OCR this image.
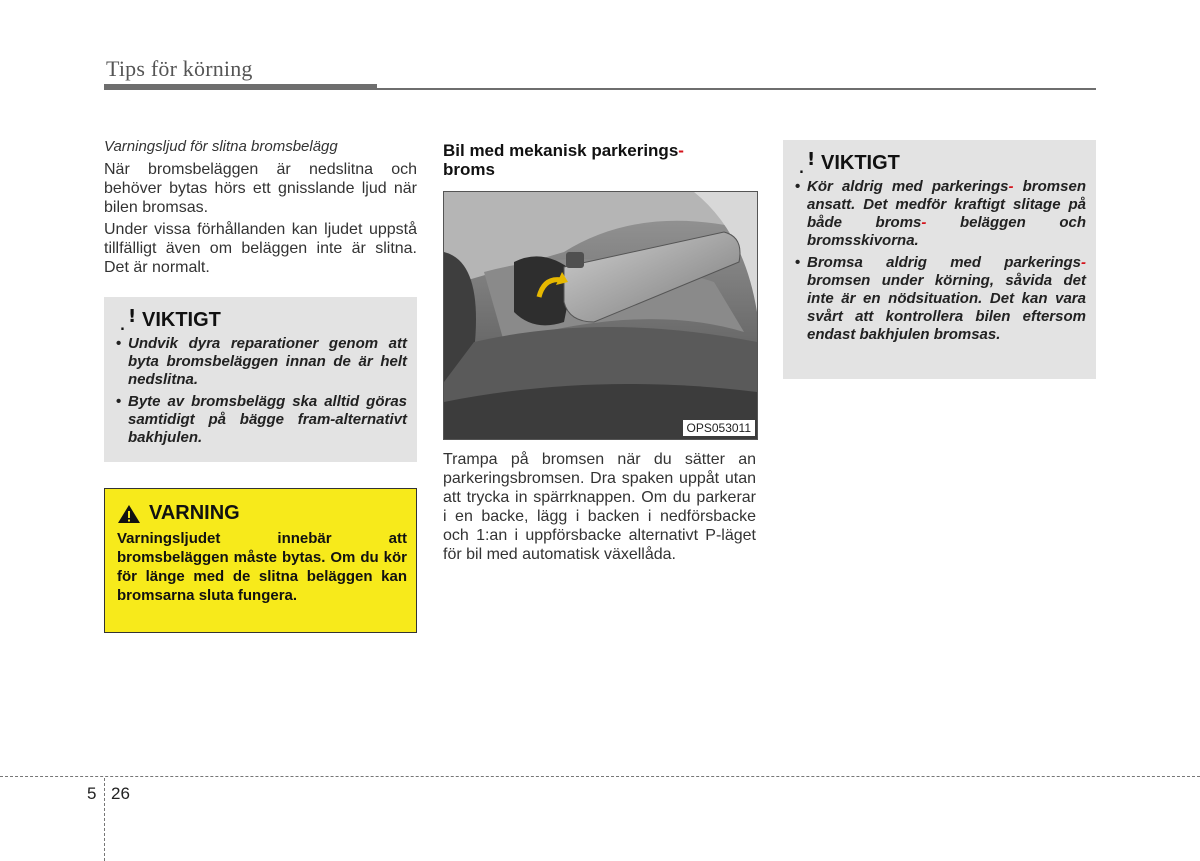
Tips för körning
Varningsljud för slitna bromsbelägg
När bromsbeläggen är nedslitna och behöver bytas hörs ett gnisslande ljud när bilen bromsas.
Under vissa förhållanden kan ljudet uppstå tillfälligt även om beläggen inte är slitna. Det är normalt.
. ! VIKTIGT
• Undvik dyra reparationer genom att byta bromsbeläggen innan de är helt nedslitna.
• Byte av bromsbelägg ska alltid göras samtidigt på bägge fram-alternativt bakhjulen.
VARNING
Varningsljudet innebär att bromsbeläggen måste bytas. Om du kör för länge med de slitna beläggen kan bromsarna sluta fungera.
Bil med mekanisk parkerings-
broms
OPS053011
Trampa på bromsen när du sätter an parkeringsbromsen. Dra spaken uppåt utan att trycka in spärrknappen. Om du parkerar i en backe, lägg i backen i nedförsbacke och 1:an i uppförsbacke alternativt P-läget för bil med automatisk växellåda.
. ! VIKTIGT
• Kör aldrig med parkerings- bromsen ansatt. Det medför kraftigt slitage på både broms- beläggen och bromsskivorna.
• Bromsa aldrig med parkerings- bromsen under körning, såvida det inte är en nödsituation. Det kan vara svårt att kontrollera bilen eftersom endast bakhjulen bromsas.
5 26
